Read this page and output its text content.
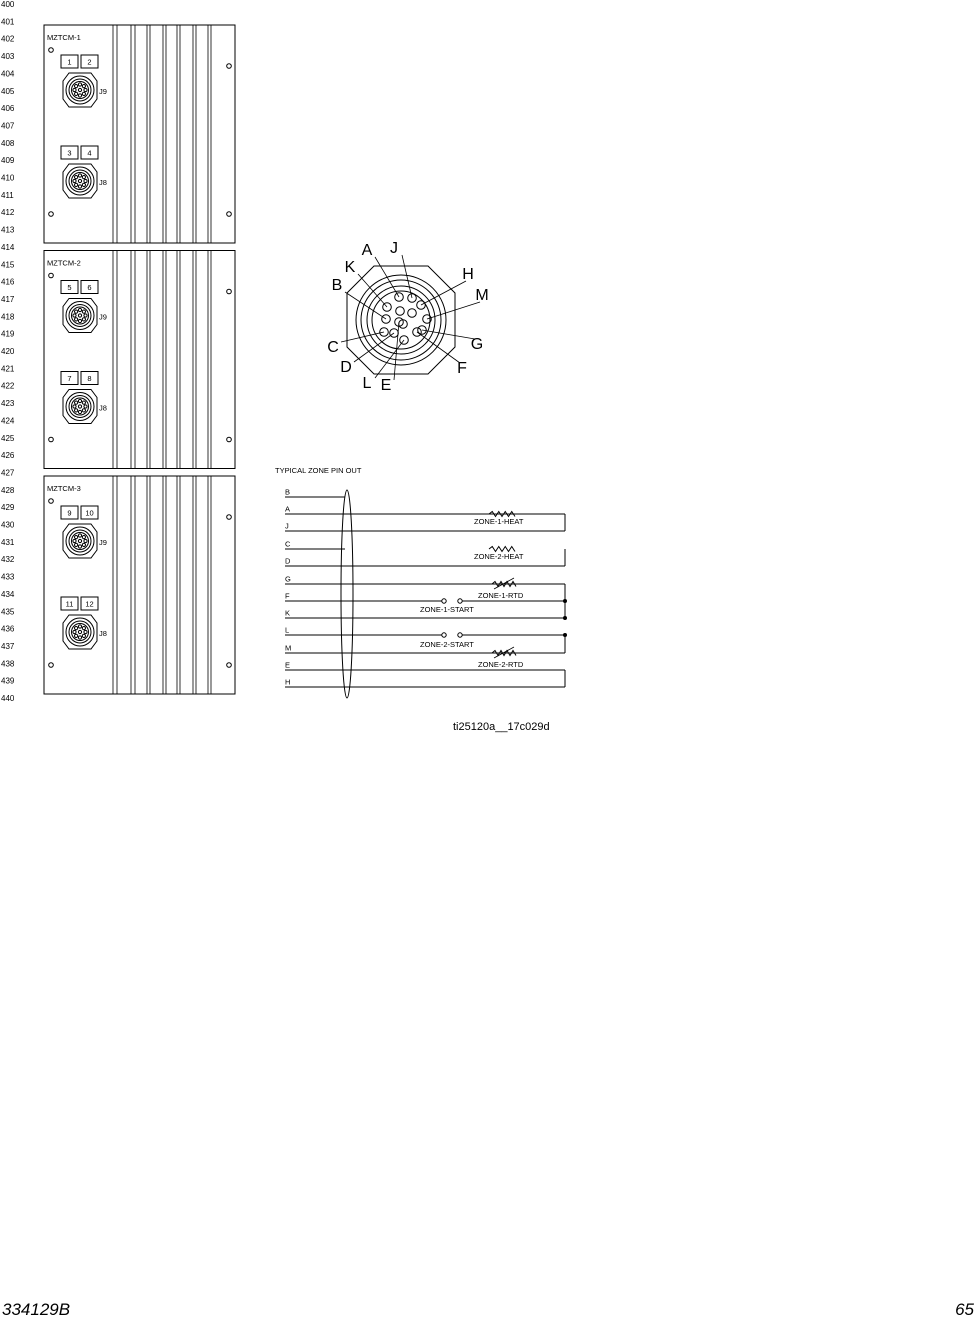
400
401
402
403
404
405
406
407
408
409
410
411
412
413
414
415
416
417
418
419
420
421
422
423
424
425
426
427
428
429
430
431
432
433
434
435
436
437
438
439
440
MZTCM-1
1 2
J9
3 4
J8
MZTCM-2
5 6
J9
7 8
J8
MZTCM-3
9 10
J9
11 12
J8
A J
K	H
B
M
C	G
D	F
L E
TYPICAL ZONE PIN OUT
B
A
J
C
D
G
F
K
L
M
E
H
ZONE-1-HEAT
ZONE-2-HEAT
ZONE-1-RTD
ZONE-2-RTD
ZONE-1-START
ZONE-2-START
ti25120a__17c029d
334129B	65
